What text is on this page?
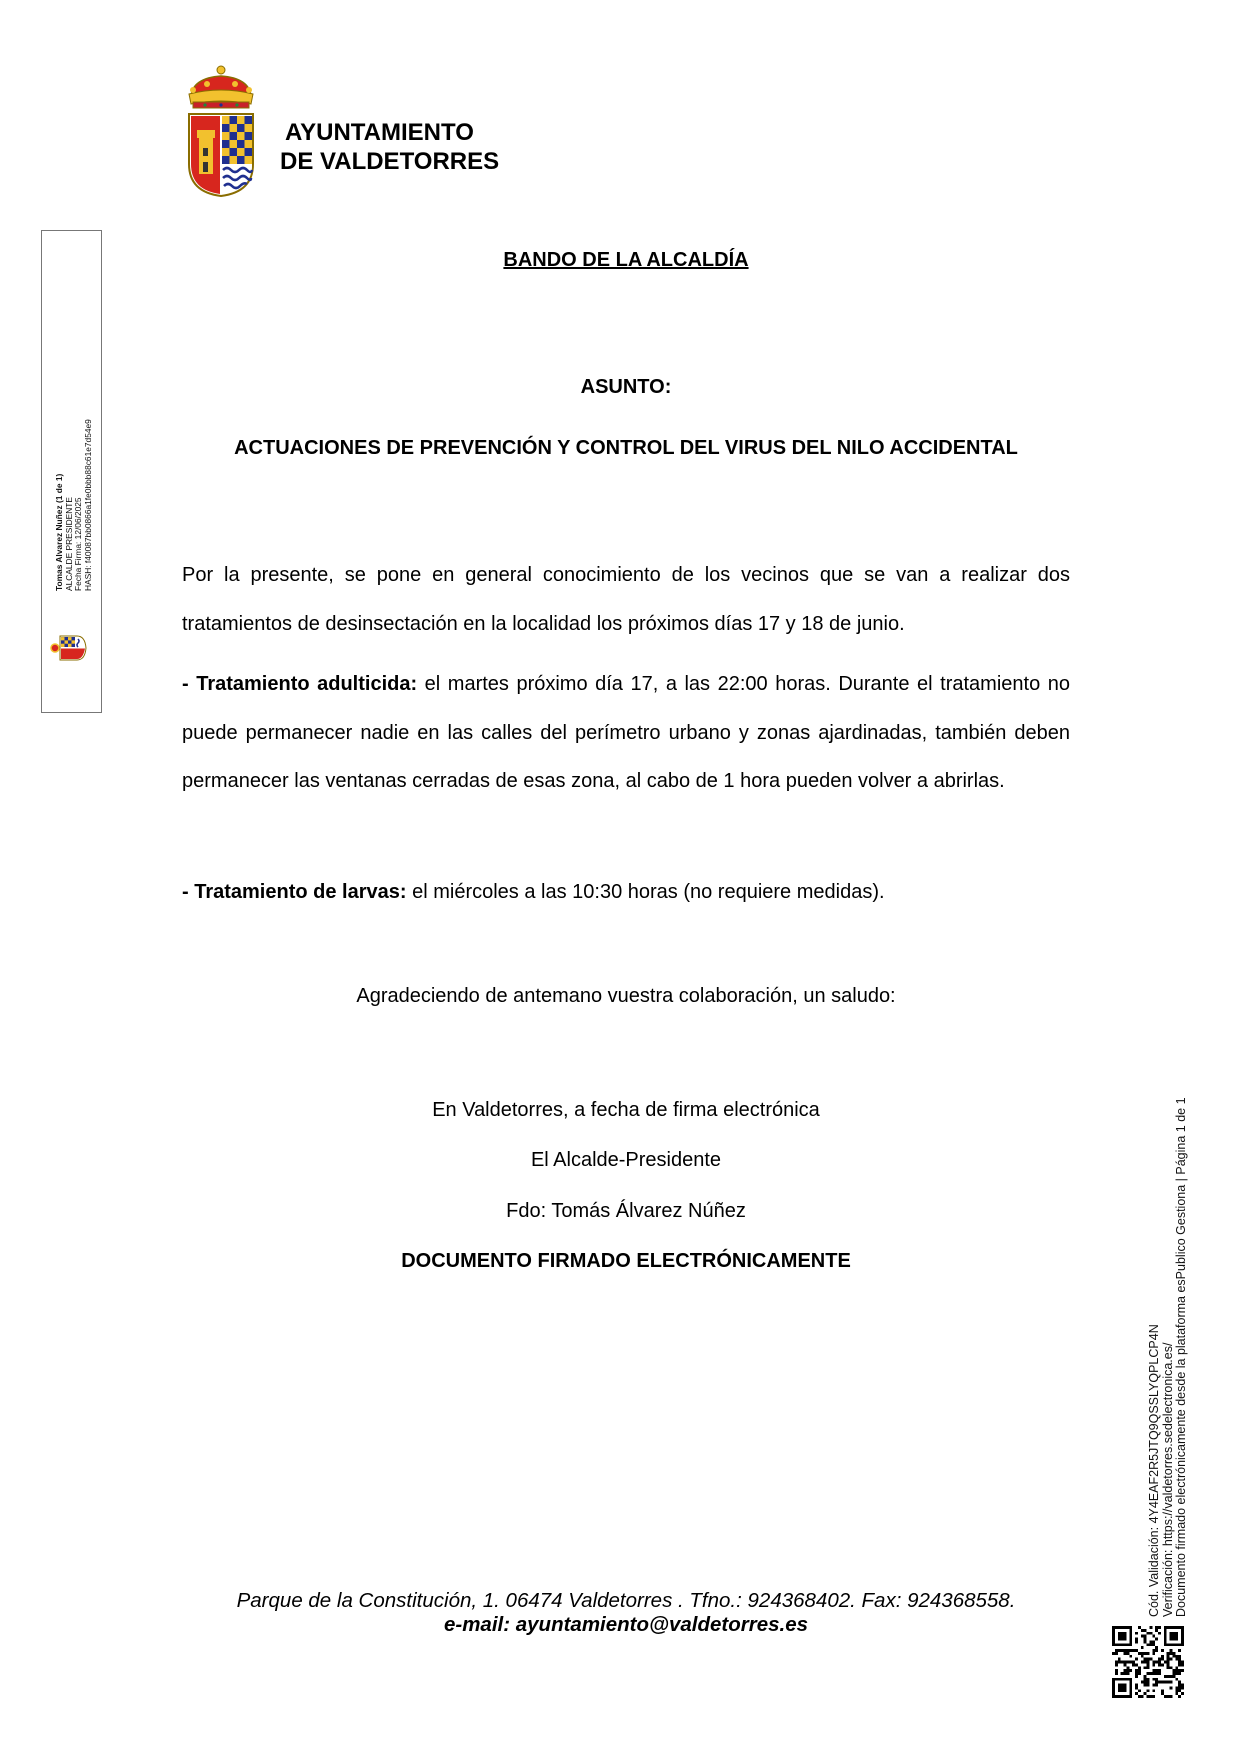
AYUNTAMIENTO
DE VALDETORRES
Tomas Alvarez Nuñez (1 de 1) ALCALDE PRESIDENTE Fecha Firma: 12/06/2025 HASH: f40087bb0866a1fe0bbb88c61e7d54e9
BANDO DE LA ALCALDÍA
ASUNTO:
ACTUACIONES DE PREVENCIÓN Y CONTROL DEL VIRUS DEL NILO ACCIDENTAL

Por la presente, se pone en general conocimiento de los vecinos que se van a realizar dos tratamientos de desinsectación en la localidad los próximos días 17 y 18 de junio.

- Tratamiento adulticida: el martes próximo día 17, a las 22:00 horas. Durante el tratamiento no puede permanecer nadie en las calles del perímetro urbano y zonas ajardinadas, también deben permanecer las ventanas cerradas de esas zona, al cabo de 1 hora pueden volver a abrirlas.

- Tratamiento de larvas: el miércoles a las 10:30 horas (no requiere medidas).

Agradeciendo de antemano vuestra colaboración, un saludo:
En Valdetorres, a fecha de firma electrónica
El Alcalde-Presidente
Fdo: Tomás Álvarez Núñez
DOCUMENTO FIRMADO ELECTRÓNICAMENTE
Parque de la Constitución, 1. 06474 Valdetorres . Tfno.: 924368402. Fax: 924368558.
e-mail: ayuntamiento@valdetorres.es
Cód. Validación: 4Y4EAF2R5JTQ9QSSLYQPLCP4N Verificación: https://valdetorres.sedelectronica.es/ Documento firmado electrónicamente desde la plataforma esPublico Gestiona | Página 1 de 1
